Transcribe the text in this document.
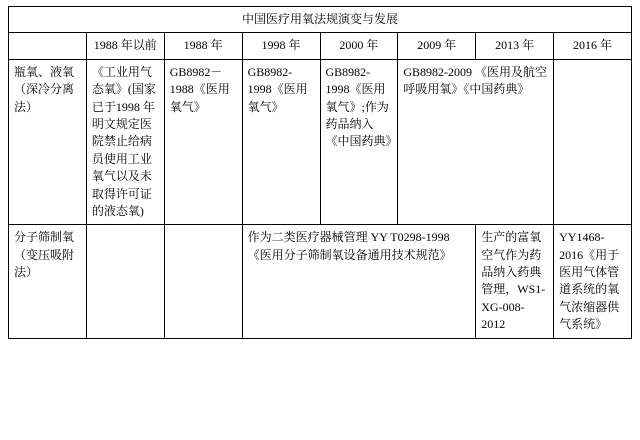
中国医疗用氧法规演变与发展							
	1988 年以前	1988 年	1998 年	2000 年	2009 年	2013 年	2016 年
瓶氧、液氧（深冷分离法）	《工业用气态氧》(国家已于1998 年明文规定医院禁止给病员使用工业氧气以及未取得许可证的液态氧)	GB8982－1988《医用氧气》	GB8982-1998《医用氧气》	GB8982-1998《医用氧气》;作为药品纳入《中国药典》	GB8982-2009 《医用及航空呼吸用氧》《中国药典》		
分子筛制氧（变压吸附法）			作为二类医疗器械管理 YY T0298-1998 《医用分子筛制氧设备通用技术规范》			生产的富氧空气作为药品纳入药典管理，WS1-XG-008-2012	YY1468-2016《用于医用气体管道系统的氧气浓缩器供气系统》
